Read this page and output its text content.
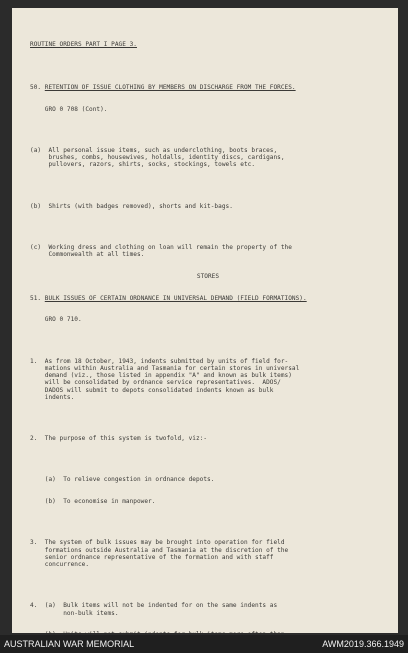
ROUTINE ORDERS PART I PAGE 3.

50. RETENTION OF ISSUE CLOTHING BY MEMBERS ON DISCHARGE FROM THE FORCES.

GRO 0 708 (Cont).

(a)  All personal issue items, such as underclothing, boots braces,
brushes, combs, housewives, holdalls, identity discs, cardigans,
pullovers, razors, shirts, socks, stockings, towels etc.

(b)  Shirts (with badges removed), shorts and kit-bags.

(c)  Working dress and clothing on loan will remain the property of the
Commonwealth at all times.

STORES

51. BULK ISSUES OF CERTAIN ORDNANCE IN UNIVERSAL DEMAND (FIELD FORMATIONS).

GRO 0 710.

1.  As from 18 October, 1943, indents submitted by units of field for-
mations within Australia and Tasmania for certain stores in universal
demand (viz., those listed in appendix "A" and known as bulk items)
will be consolidated by ordnance service representatives.  ADOS/
DADOS will submit to depots consolidated indents known as bulk
indents.

2.  The purpose of this system is twofold, viz:-

(a)  To relieve congestion in ordnance depots.

(b)  To economise in manpower.

3.  The system of bulk issues may be brought into operation for field
formations outside Australia and Tasmania at the discretion of the
senior ordnance representative of the formation and with staff
concurrence.

4.  (a)  Bulk items will not be indented for on the same indents as
non-bulk items.

AUSTRALIAN WAR MEMORIAL	AWM2019.366.1949
